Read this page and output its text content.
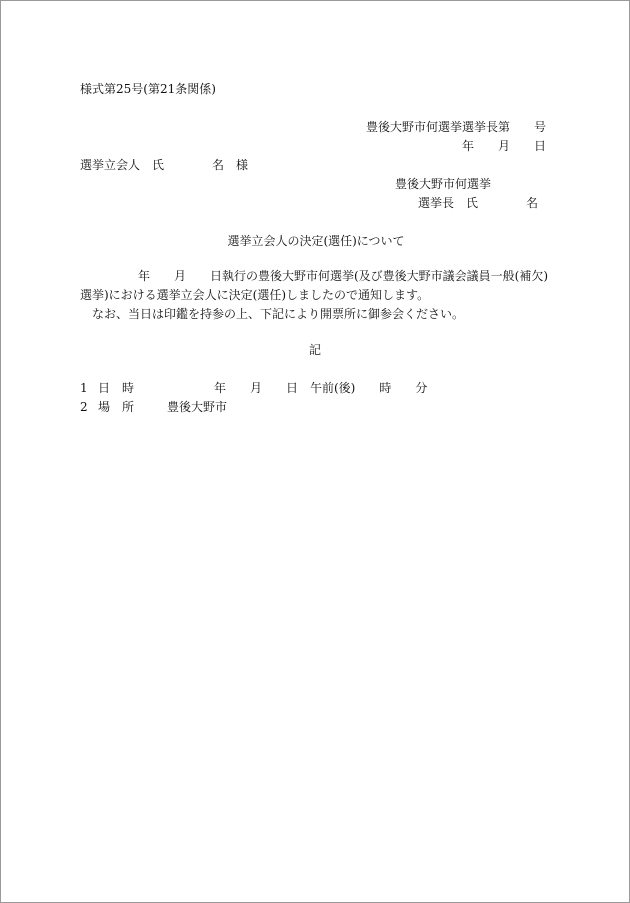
様式第25号(第21条関係)
豊後大野市何選挙選挙長第　　号
年　　月　　日
選挙立会人　氏　　　　名　様
豊後大野市何選挙
選挙長　氏　　　　名
選挙立会人の決定(選任)について
年　　月　　日執行の豊後大野市何選挙(及び豊後大野市議会議員一般(補欠)
選挙)における選挙立会人に決定(選任)しましたので通知します。
なお、当日は印鑑を持参の上、下記により開票所に御参会ください。
記
1 日　時	年　　月　　日　午前(後)　　時　　分
2 場　所	豊後大野市
